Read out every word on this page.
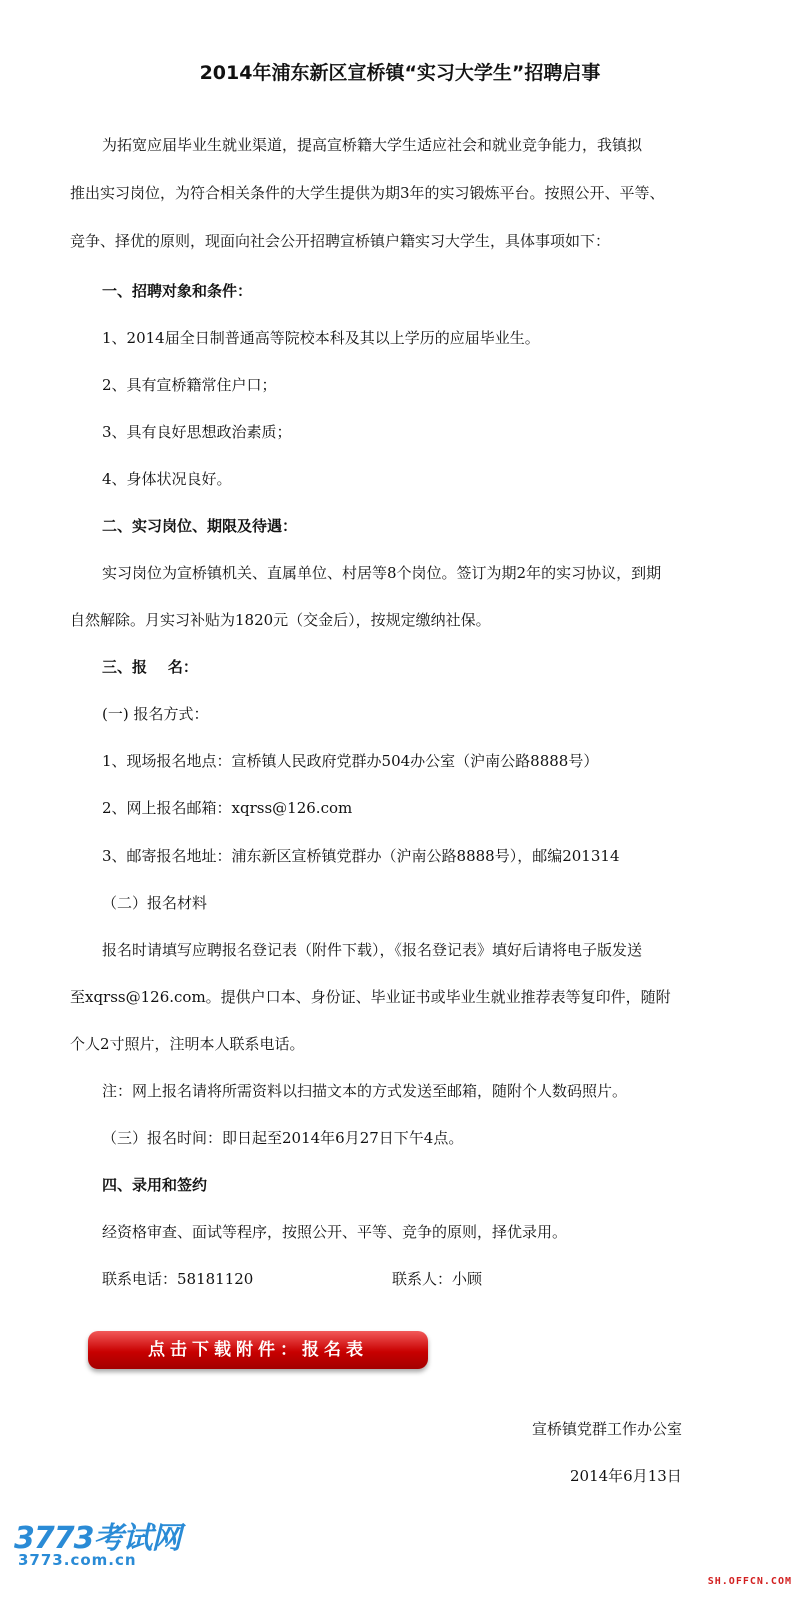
2014年浦东新区宣桥镇“实习大学生”招聘启事
为拓宽应届毕业生就业渠道，提高宣桥籍大学生适应社会和就业竞争能力，我镇拟
推出实习岗位，为符合相关条件的大学生提供为期3年的实习锻炼平台。按照公开、平等、
竞争、择优的原则，现面向社会公开招聘宣桥镇户籍实习大学生，具体事项如下：
一、招聘对象和条件：
1、2014届全日制普通高等院校本科及其以上学历的应届毕业生。
2、具有宣桥籍常住户口；
3、具有良好思想政治素质；
4、身体状况良好。
二、实习岗位、期限及待遇：
实习岗位为宣桥镇机关、直属单位、村居等8个岗位。签订为期2年的实习协议，到期
自然解除。月实习补贴为1820元（交金后），按规定缴纳社保。
三、报    名：
(一) 报名方式：
1、现场报名地点：宣桥镇人民政府党群办504办公室（沪南公路8888号）
2、网上报名邮箱：xqrss@126.com
3、邮寄报名地址：浦东新区宣桥镇党群办（沪南公路8888号），邮编201314
（二）报名材料
报名时请填写应聘报名登记表（附件下载），《报名登记表》填好后请将电子版发送
至xqrss@126.com。提供户口本、身份证、毕业证书或毕业生就业推荐表等复印件，随附
个人2寸照片，注明本人联系电话。
注：网上报名请将所需资料以扫描文本的方式发送至邮箱，随附个人数码照片。
（三）报名时间：即日起至2014年6月27日下午4点。
四、录用和签约
经资格审查、面试等程序，按照公开、平等、竞争的原则，择优录用。
联系电话：58181120	联系人：小顾
点击下载附件：报名表
宣桥镇党群工作办公室
2014年6月13日
3773考试网
3773.com.cn
SH.OFFCN.COM
